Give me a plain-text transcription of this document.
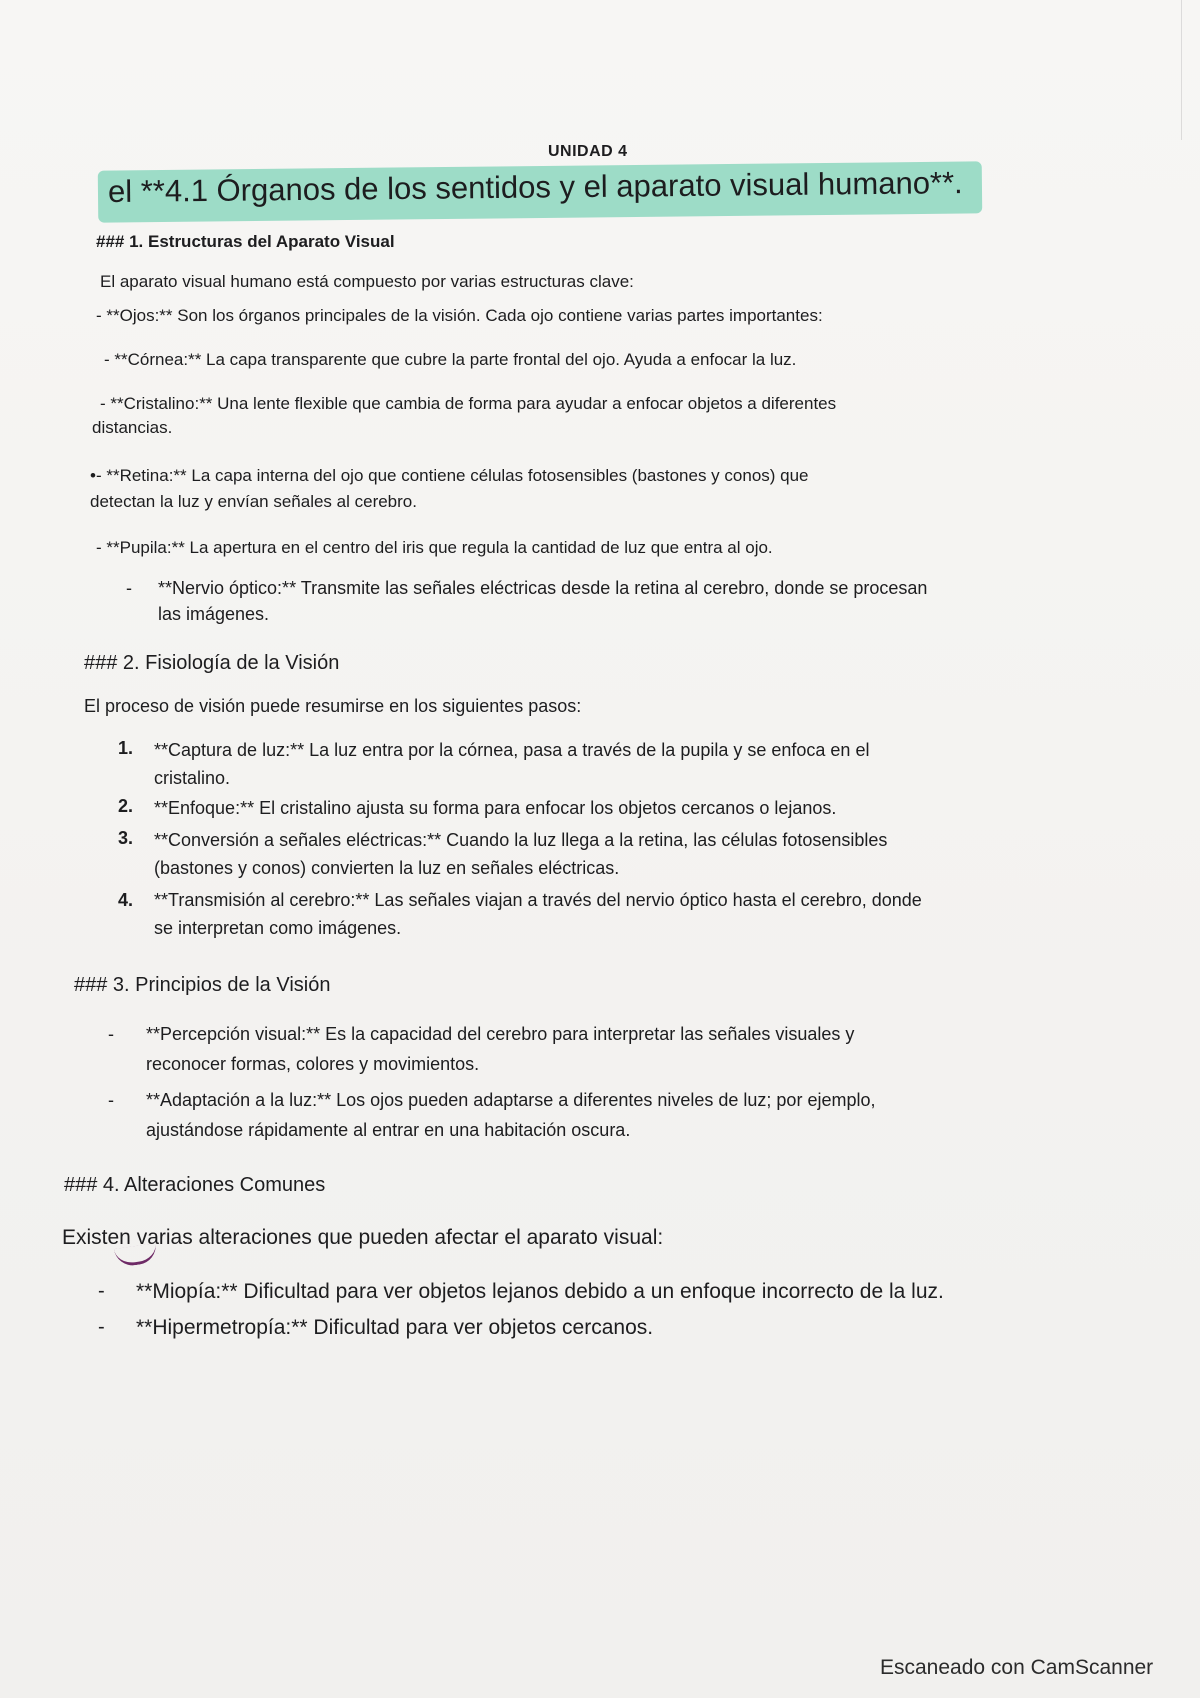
UNIDAD 4
el **4.1 Órganos de los sentidos y el aparato visual humano**.
### 1. Estructuras del Aparato Visual
El aparato visual humano está compuesto por varias estructuras clave:
- **Ojos:** Son los órganos principales de la visión. Cada ojo contiene varias partes importantes:
- **Córnea:** La capa transparente que cubre la parte frontal del ojo. Ayuda a enfocar la luz.
- **Cristalino:** Una lente flexible que cambia de forma para ayudar a enfocar objetos a diferentes
distancias.
•- **Retina:** La capa interna del ojo que contiene células fotosensibles (bastones y conos) que
detectan la luz y envían señales al cerebro.
- **Pupila:** La apertura en el centro del iris que regula la cantidad de luz que entra al ojo.
- **Nervio óptico:** Transmite las señales eléctricas desde la retina al cerebro, donde se procesan
las imágenes.
### 2. Fisiología de la Visión
El proceso de visión puede resumirse en los siguientes pasos:
1. **Captura de luz:** La luz entra por la córnea, pasa a través de la pupila y se enfoca en el
cristalino.
2. **Enfoque:** El cristalino ajusta su forma para enfocar los objetos cercanos o lejanos.
3. **Conversión a señales eléctricas:** Cuando la luz llega a la retina, las células fotosensibles
(bastones y conos) convierten la luz en señales eléctricas.
4. **Transmisión al cerebro:** Las señales viajan a través del nervio óptico hasta el cerebro, donde
se interpretan como imágenes.
### 3. Principios de la Visión
- **Percepción visual:** Es la capacidad del cerebro para interpretar las señales visuales y
reconocer formas, colores y movimientos.
- **Adaptación a la luz:** Los ojos pueden adaptarse a diferentes niveles de luz; por ejemplo,
ajustándose rápidamente al entrar en una habitación oscura.
### 4. Alteraciones Comunes
Existen varias alteraciones que pueden afectar el aparato visual:
- **Miopía:** Dificultad para ver objetos lejanos debido a un enfoque incorrecto de la luz.
- **Hipermetropía:** Dificultad para ver objetos cercanos.
Escaneado con CamScanner
